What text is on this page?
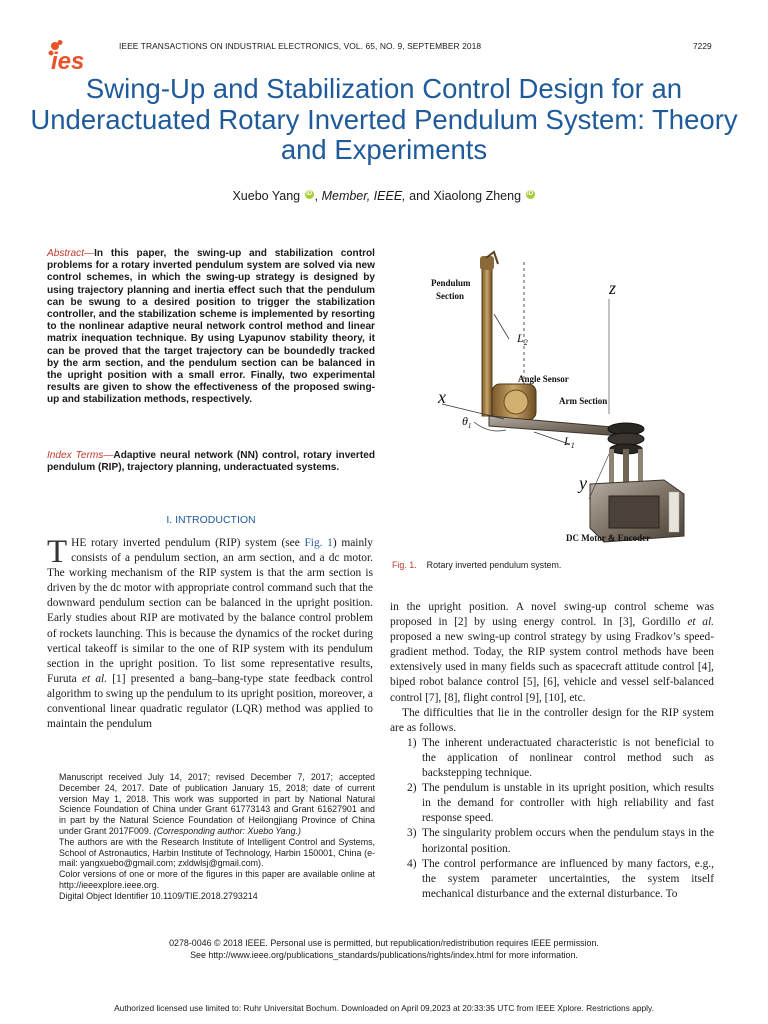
ies
IEEE TRANSACTIONS ON INDUSTRIAL ELECTRONICS, VOL. 65, NO. 9, SEPTEMBER 2018	7229
Swing-Up and Stabilization Control Design for an Underactuated Rotary Inverted Pendulum System: Theory and Experiments
Xuebo Yang iD , Member, IEEE, and Xiaolong Zheng iD
Abstract—In this paper, the swing-up and stabilization control problems for a rotary inverted pendulum system are solved via new control schemes, in which the swing-up strategy is designed by using trajectory planning and inertia effect such that the pendulum can be swung to a desired position to trigger the stabilization controller, and the stabilization scheme is implemented by resorting to the nonlinear adaptive neural network control method and linear matrix inequation technique. By using Lyapunov stability theory, it can be proved that the target trajectory can be boundedly tracked by the arm section, and the pendulum section can be balanced in the upright position with a small error. Finally, two experimental results are given to show the effectiveness of the proposed swing-up and stabilization methods, respectively.
Index Terms—Adaptive neural network (NN) control, rotary inverted pendulum (RIP), trajectory planning, underactuated systems.
I. INTRODUCTION
THE rotary inverted pendulum (RIP) system (see Fig. 1) mainly consists of a pendulum section, an arm section, and a dc motor. The working mechanism of the RIP system is that the arm section is driven by the dc motor with appropriate control command such that the downward pendulum section can be balanced in the upright position. Early studies about RIP are motivated by the balance control problem of rockets launching. This is because the dynamics of the rocket during vertical takeoff is similar to the one of RIP system with its pendulum section in the upright position. To list some representative results, Furuta et al. [1] presented a bang–bang-type state feedback control algorithm to swing up the pendulum to its upright position, moreover, a conventional linear quadratic regulator (LQR) method was applied to maintain the pendulum

Manuscript received July 14, 2017; revised December 7, 2017; accepted December 24, 2017. Date of publication January 15, 2018; date of current version May 1, 2018. This work was supported in part by National Natural Science Foundation of China under Grant 61773143 and Grant 61627901 and in part by the Natural Science Foundation of Heilongjiang Province of China under Grant 2017F009. (Corresponding author: Xuebo Yang.)

The authors are with the Research Institute of Intelligent Control and Systems, School of Astronautics, Harbin Institute of Technology, Harbin 150001, China (e-mail: yangxuebo@gmail.com; zxldwlsj@gmail.com).

Color versions of one or more of the figures in this paper are available online at http://ieeexplore.ieee.org.

Digital Object Identifier 10.1109/TIE.2018.2793214

Pendulum
Section	z
$L_2$
Angle Sensor
x	Arm Section
$\theta_1$
$L_1$
y
DC Motor & Encoder
Fig. 1. Rotary inverted pendulum system.

in the upright position. A novel swing-up control scheme was proposed in [2] by using energy control. In [3], Gordillo et al. proposed a new swing-up control strategy by using Fradkov’s speed-gradient method. Today, the RIP system control methods have been extensively used in many fields such as spacecraft attitude control [4], biped robot balance control [5], [6], vehicle and vessel self-balanced control [7], [8], flight control [9], [10], etc.

The difficulties that lie in the controller design for the RIP system are as follows.

1) The inherent underactuated characteristic is not beneficial to the application of nonlinear control method such as backstepping technique.
2) The pendulum is unstable in its upright position, which results in the demand for controller with high reliability and fast response speed.
3) The singularity problem occurs when the pendulum stays in the horizontal position.
4) The control performance are influenced by many factors, e.g., the system parameter uncertainties, the system itself mechanical disturbance and the external disturbance. To
0278-0046 © 2018 IEEE. Personal use is permitted, but republication/redistribution requires IEEE permission.
See http://www.ieee.org/publications_standards/publications/rights/index.html for more information.
Authorized licensed use limited to: Ruhr Universitat Bochum. Downloaded on April 09,2023 at 20:33:35 UTC from IEEE Xplore. Restrictions apply.
